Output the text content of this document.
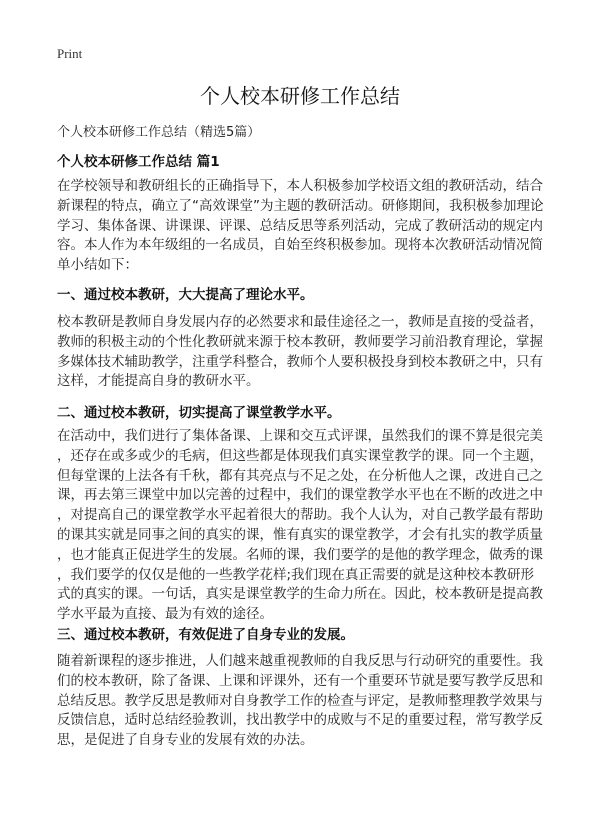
Print
个人校本研修工作总结
个人校本研修工作总结（精选5篇）
个人校本研修工作总结 篇1
在学校领导和教研组长的正确指导下，本人积极参加学校语文组的教研活动，结合
新课程的特点，确立了“高效课堂”为主题的教研活动。研修期间，我积极参加理论
学习、集体备课、讲课课、评课、总结反思等系列活动，完成了教研活动的规定内
容。本人作为本年级组的一名成员，自始至终积极参加。现将本次教研活动情况简
单小结如下：
一、通过校本教研，大大提高了理论水平。
校本教研是教师自身发展内存的必然要求和最佳途径之一，教师是直接的受益者，
教师的积极主动的个性化教研就来源于校本教研，教师要学习前沿教育理论，掌握
多媒体技术辅助教学，注重学科整合，教师个人要积极投身到校本教研之中，只有
这样，才能提高自身的教研水平。
二、通过校本教研，切实提高了课堂教学水平。
在活动中，我们进行了集体备课、上课和交互式评课，虽然我们的课不算是很完美
，还存在或多或少的毛病，但这些都是体现我们真实课堂教学的课。同一个主题，
但每堂课的上法各有千秋，都有其亮点与不足之处，在分析他人之课，改进自己之
课，再去第三课堂中加以完善的过程中，我们的课堂教学水平也在不断的改进之中
，对提高自己的课堂教学水平起着很大的帮助。我个人认为，对自己教学最有帮助
的课其实就是同事之间的真实的课，惟有真实的课堂教学，才会有扎实的教学质量
，也才能真正促进学生的发展。名师的课，我们要学的是他的教学理念，做秀的课
，我们要学的仅仅是他的一些教学花样;我们现在真正需要的就是这种校本教研形
式的真实的课。一句话，真实是课堂教学的生命力所在。因此，校本教研是提高教
学水平最为直接、最为有效的途径。
三、通过校本教研，有效促进了自身专业的发展。
随着新课程的逐步推进，人们越来越重视教师的自我反思与行动研究的重要性。我
们的校本教研，除了备课、上课和评课外，还有一个重要环节就是要写教学反思和
总结反思。教学反思是教师对自身教学工作的检查与评定，是教师整理教学效果与
反馈信息，适时总结经验教训，找出教学中的成败与不足的重要过程，常写教学反
思，是促进了自身专业的发展有效的办法。
